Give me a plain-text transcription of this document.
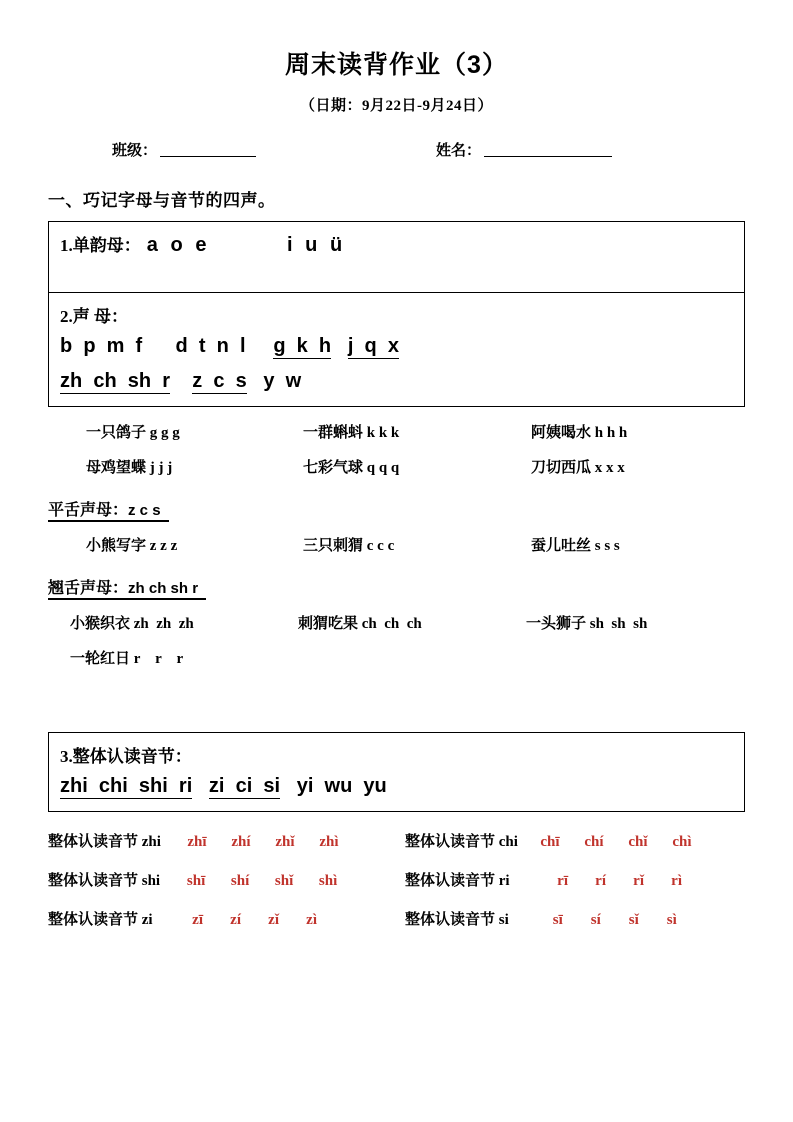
周末读背作业（3）
（日期：9月22日-9月24日）
班级：	姓名：
一、巧记字母与音节的四声。
1.单韵母： a  o  e	i  u  ü

2.声 母：
b  p  m  f      d  t  n  l     g  k  h j  q  x
zh  ch  sh  r z  c  s   y  w
一只鸽子 g g g	一群蝌蚪 k k k	阿姨喝水 h h h
母鸡望蝶 j j j	七彩气球 q q q	刀切西瓜 x x x
平舌声母：z c s
小熊写字 z z z	三只刺猬 c c c	蚕儿吐丝 s s s
翘舌声母：zh ch sh r
小猴织衣 zh  zh  zh	刺猬吃果 ch  ch  ch	一头狮子 sh  sh  sh
一轮红日 r    r    r
3.整体认读音节：
zhi  chi  shi  ri zi  ci  si   yi  wu  yu
整体认读音节 zhi	zhī	zhí	zhǐ	zhì	整体认读音节 chi	chī	chí	chǐ	chì
整体认读音节 shi	shī	shí	shǐ	shì	整体认读音节 ri	rī	rí	rǐ	rì
整体认读音节 zi	zī	zí	zǐ	zì	整体认读音节 si	sī	sí	sǐ	sì
